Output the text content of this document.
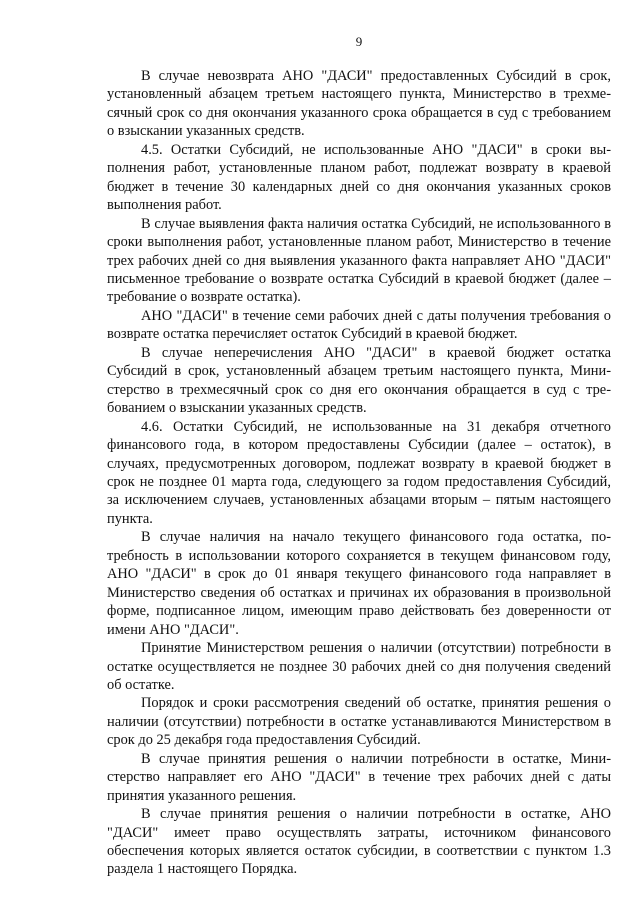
9

В случае невозврата АНО "ДАСИ" предоставленных Субсидий в срок, установленный абзацем третьем настоящего пункта, Министерство в трехмесячный срок со дня окончания указанного срока обращается в суд с требованием о взыскании указанных средств.

4.5. Остатки Субсидий, не использованные АНО "ДАСИ" в сроки выполнения работ, установленные планом работ, подлежат возврату в краевой бюджет в течение 30 календарных дней со дня окончания указанных сроков выполнения работ.

В случае выявления факта наличия остатка Субсидий, не использованного в сроки выполнения работ, установленные планом работ, Министерство в течение трех рабочих дней со дня выявления указанного факта направляет АНО "ДАСИ" письменное требование о возврате остатка Субсидий в краевой бюджет (далее – требование о возврате остатка).

АНО "ДАСИ" в течение семи рабочих дней с даты получения требования о возврате остатка перечисляет остаток Субсидий в краевой бюджет.

В случае неперечисления АНО "ДАСИ" в краевой бюджет остатка Субсидий в срок, установленный абзацем третьим настоящего пункта, Министерство в трехмесячный срок со дня его окончания обращается в суд с требованием о взыскании указанных средств.

4.6. Остатки Субсидий, не использованные на 31 декабря отчетного финансового года, в котором предоставлены Субсидии (далее – остаток), в случаях, предусмотренных договором, подлежат возврату в краевой бюджет в срок не позднее 01 марта года, следующего за годом предоставления Субсидий, за исключением случаев, установленных абзацами вторым – пятым настоящего пункта.

В случае наличия на начало текущего финансового года остатка, потребность в использовании которого сохраняется в текущем финансовом году, АНО "ДАСИ" в срок до 01 января текущего финансового года направляет в Министерство сведения об остатках и причинах их образования в произвольной форме, подписанное лицом, имеющим право действовать без доверенности от имени АНО "ДАСИ".

Принятие Министерством решения о наличии (отсутствии) потребности в остатке осуществляется не позднее 30 рабочих дней со дня получения сведений об остатке.

Порядок и сроки рассмотрения сведений об остатке, принятия решения о наличии (отсутствии) потребности в остатке устанавливаются Министерством в срок до 25 декабря года предоставления Субсидий.

В случае принятия решения о наличии потребности в остатке, Министерство направляет его АНО "ДАСИ" в течение трех рабочих дней с даты принятия указанного решения.

В случае принятия решения о наличии потребности в остатке, АНО "ДАСИ" имеет право осуществлять затраты, источником финансового обеспечения которых является остаток субсидии, в соответствии с пунктом 1.3 раздела 1 настоящего Порядка.
